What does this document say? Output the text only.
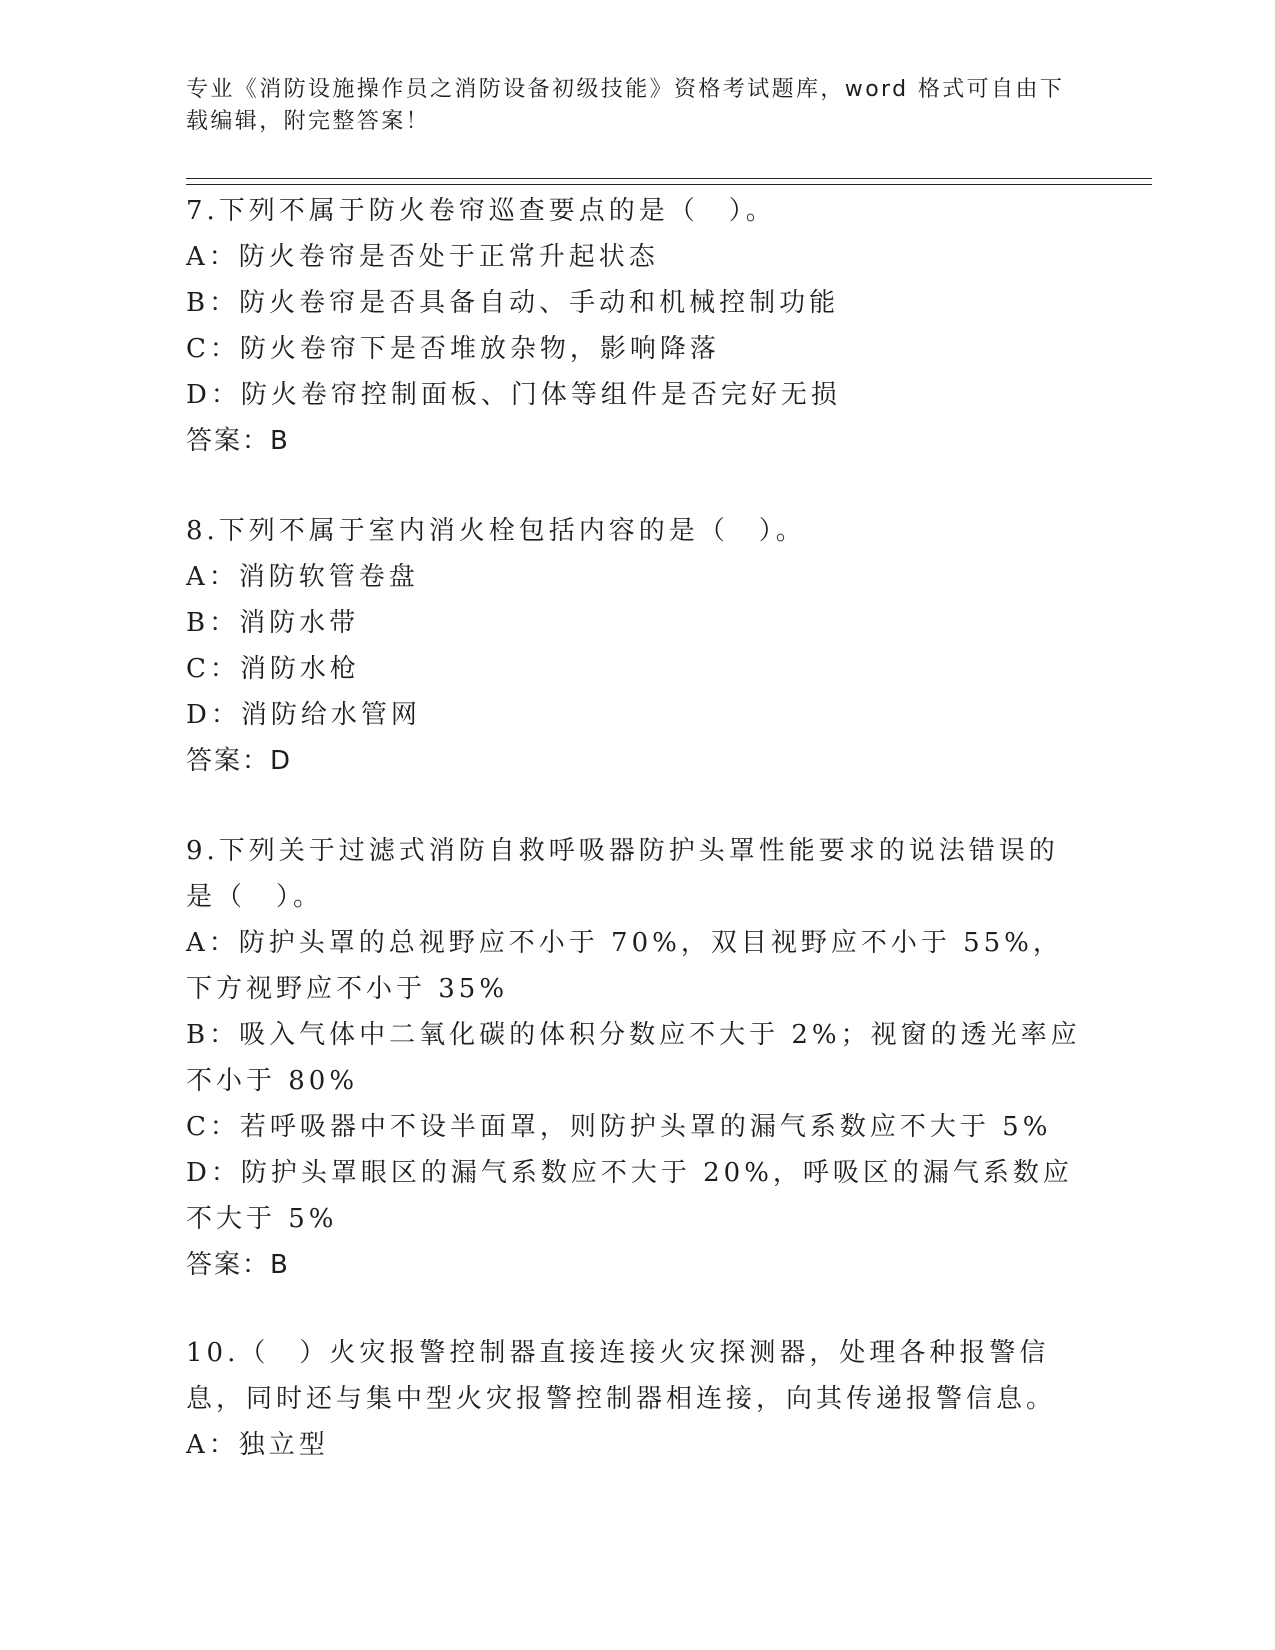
专业《消防设施操作员之消防设备初级技能》资格考试题库，word 格式可自由下载编辑，附完整答案！
7.下列不属于防火卷帘巡查要点的是（　）。
A：防火卷帘是否处于正常升起状态
B：防火卷帘是否具备自动、手动和机械控制功能
C：防火卷帘下是否堆放杂物，影响降落
D：防火卷帘控制面板、门体等组件是否完好无损
答案：B
8.下列不属于室内消火栓包括内容的是（　）。
A：消防软管卷盘
B：消防水带
C：消防水枪
D：消防给水管网
答案：D
9.下列关于过滤式消防自救呼吸器防护头罩性能要求的说法错误的是（　）。
A：防护头罩的总视野应不小于 70%，双目视野应不小于 55%，下方视野应不小于 35%
B：吸入气体中二氧化碳的体积分数应不大于 2%；视窗的透光率应不小于 80%
C：若呼吸器中不设半面罩，则防护头罩的漏气系数应不大于 5%
D：防护头罩眼区的漏气系数应不大于 20%，呼吸区的漏气系数应不大于 5%
答案：B
10.（　）火灾报警控制器直接连接火灾探测器，处理各种报警信息，同时还与集中型火灾报警控制器相连接，向其传递报警信息。
A：独立型
